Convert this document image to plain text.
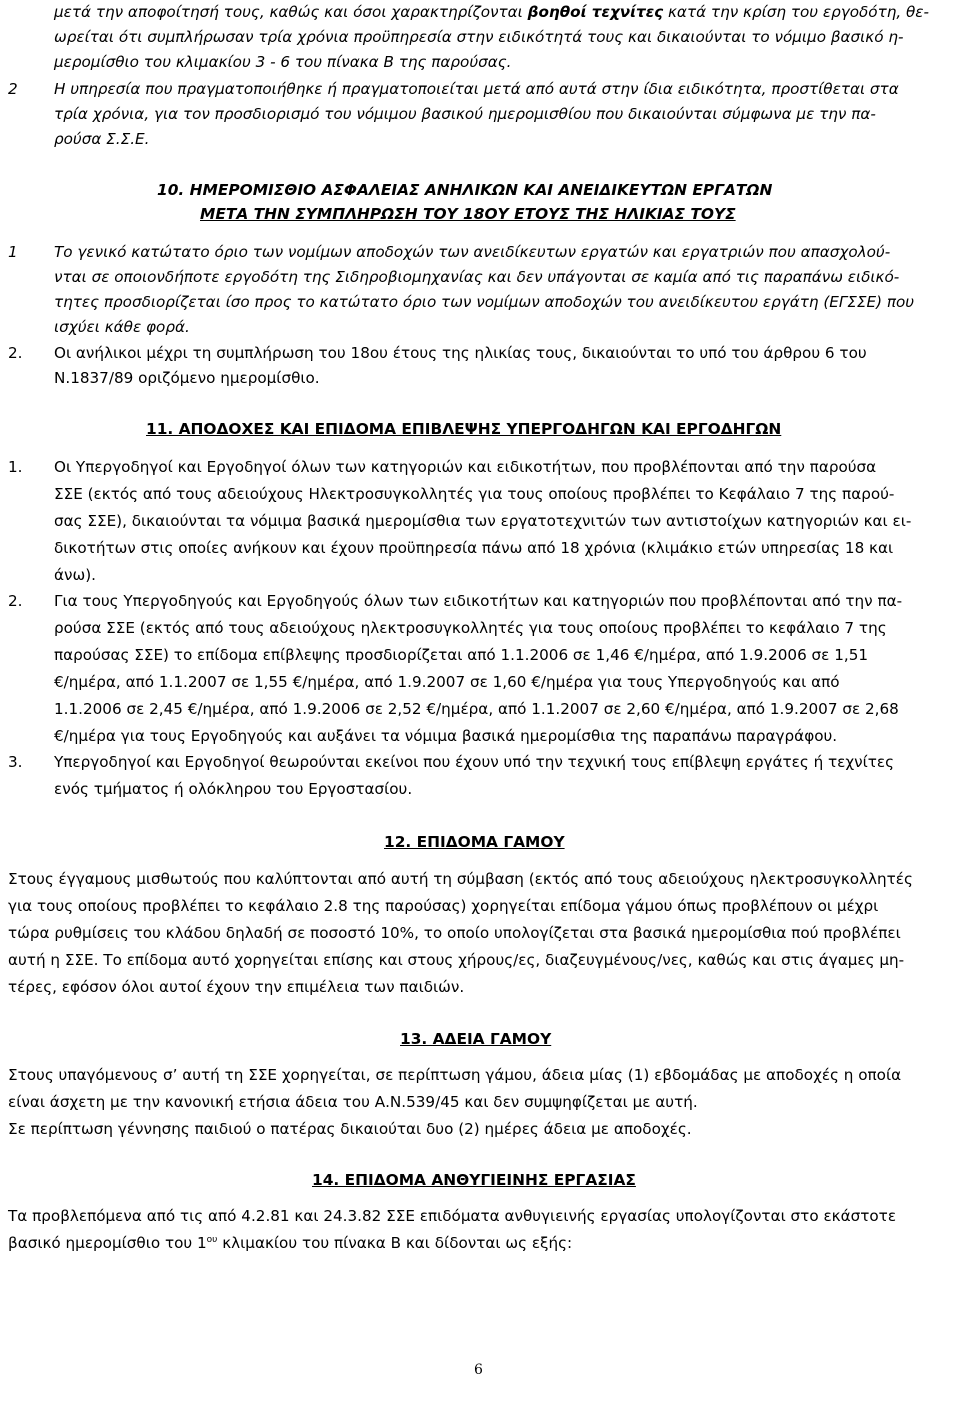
μετά την αποφοίτησή τους, καθώς και όσοι χαρακτηρίζονται βοηθοί τεχνίτες κατά την κρίση του εργοδότη, θε-
ωρείται ότι συμπλήρωσαν τρία χρόνια προϋπηρεσία στην ειδικότητά τους και δικαιούνται το νόμιμο βασικό η-
μερομίσθιο του κλιμακίου 3 - 6 του πίνακα Β της παρούσας.
2 Η υπηρεσία που πραγματοποιήθηκε ή πραγματοποιείται μετά από αυτά στην ίδια ειδικότητα, προστίθεται στα
τρία χρόνια, για τον προσδιορισμό του νόμιμου βασικού ημερομισθίου που δικαιούνται σύμφωνα με την πα-
ρούσα Σ.Σ.Ε.
10. ΗΜΕΡΟΜΙΣΘΙΟ ΑΣΦΑΛΕΙΑΣ ΑΝΗΛΙΚΩΝ ΚΑΙ ΑΝΕΙΔΙΚΕΥΤΩΝ ΕΡΓΑΤΩΝ
ΜΕΤΑ ΤΗΝ ΣΥΜΠΛΗΡΩΣΗ ΤΟΥ 18ΟΥ ΕΤΟΥΣ ΤΗΣ ΗΛΙΚΙΑΣ ΤΟΥΣ
1 Το γενικό κατώτατο όριο των νομίμων αποδοχών των ανειδίκευτων εργατών και εργατριών που απασχολού-
νται σε οποιονδήποτε εργοδότη της Σιδηροβιομηχανίας και δεν υπάγονται σε καμία από τις παραπάνω ειδικό-
τητες προσδιορίζεται ίσο προς το κατώτατο όριο των νομίμων αποδοχών του ανειδίκευτου εργάτη (ΕΓΣΣΕ) που
ισχύει κάθε φορά.
2. Οι ανήλικοι μέχρι τη συμπλήρωση του 18ου έτους της ηλικίας τους, δικαιούνται το υπό του άρθρου 6 του
Ν.1837/89 οριζόμενο ημερομίσθιο.
11. ΑΠΟΔΟΧΕΣ ΚΑΙ ΕΠΙΔΟΜΑ ΕΠΙΒΛΕΨΗΣ ΥΠΕΡΓΟΔΗΓΩΝ ΚΑΙ ΕΡΓΟΔΗΓΩΝ
1. Οι Υπεργοδηγοί και Εργοδηγοί όλων των κατηγοριών και ειδικοτήτων, που προβλέπονται από την παρούσα
ΣΣΕ (εκτός από τους αδειούχους Ηλεκτροσυγκολλητές για τους οποίους προβλέπει το Κεφάλαιο 7 της παρού-
σας ΣΣΕ), δικαιούνται τα νόμιμα βασικά ημερομίσθια των εργατοτεχνιτών των αντιστοίχων κατηγοριών και ει-
δικοτήτων στις οποίες ανήκουν και έχουν προϋπηρεσία πάνω από 18 χρόνια (κλιμάκιο ετών υπηρεσίας 18 και
άνω).
2. Για τους Υπεργοδηγούς και Εργοδηγούς όλων των ειδικοτήτων και κατηγοριών που προβλέπονται από την πα-
ρούσα ΣΣΕ (εκτός από τους αδειούχους ηλεκτροσυγκολλητές για τους οποίους προβλέπει το κεφάλαιο 7 της
παρούσας ΣΣΕ) το επίδομα επίβλεψης προσδιορίζεται από 1.1.2006 σε 1,46 €/ημέρα, από 1.9.2006 σε 1,51
€/ημέρα, από 1.1.2007 σε 1,55 €/ημέρα, από 1.9.2007 σε 1,60 €/ημέρα για τους Υπεργοδηγούς και από
1.1.2006 σε 2,45 €/ημέρα, από 1.9.2006 σε 2,52 €/ημέρα, από 1.1.2007 σε 2,60 €/ημέρα, από 1.9.2007 σε 2,68
€/ημέρα για τους Εργοδηγούς και αυξάνει τα νόμιμα βασικά ημερομίσθια της παραπάνω παραγράφου.
3. Υπεργοδηγοί και Εργοδηγοί θεωρούνται εκείνοι που έχουν υπό την τεχνική τους επίβλεψη εργάτες ή τεχνίτες
ενός τμήματος ή ολόκληρου του Εργοστασίου.
12. ΕΠΙΔΟΜΑ ΓΑΜΟΥ
Στους έγγαμους μισθωτούς που καλύπτονται από αυτή τη σύμβαση (εκτός από τους αδειούχους ηλεκτροσυγκολλητές
για τους οποίους προβλέπει το κεφάλαιο 2.8 της παρούσας) χορηγείται επίδομα γάμου όπως προβλέπουν οι μέχρι
τώρα ρυθμίσεις του κλάδου δηλαδή σε ποσοστό 10%, το οποίο υπολογίζεται στα βασικά ημερομίσθια πού προβλέπει
αυτή η ΣΣΕ. Το επίδομα αυτό χορηγείται επίσης και στους χήρους/ες, διαζευγμένους/νες, καθώς και στις άγαμες μη-
τέρες, εφόσον όλοι αυτοί έχουν την επιμέλεια των παιδιών.
13. ΑΔΕΙΑ ΓΑΜΟΥ
Στους υπαγόμενους σ’ αυτή τη ΣΣΕ χορηγείται, σε περίπτωση γάμου, άδεια μίας (1) εβδομάδας με αποδοχές η οποία
είναι άσχετη με την κανονική ετήσια άδεια του Α.Ν.539/45 και δεν συμψηφίζεται με αυτή.
Σε περίπτωση γέννησης παιδιού ο πατέρας δικαιούται δυο (2) ημέρες άδεια με αποδοχές.
14. ΕΠΙΔΟΜΑ ΑΝΘΥΓΙΕΙΝΗΣ ΕΡΓΑΣΙΑΣ
Τα προβλεπόμενα από τις από 4.2.81 και 24.3.82 ΣΣΕ επιδόματα ανθυγιεινής εργασίας υπολογίζονται στο εκάστοτε
βασικό ημερομίσθιο του $1^{o\upsilon}$ κλιμακίου του πίνακα Β και δίδονται ως εξής:
6
